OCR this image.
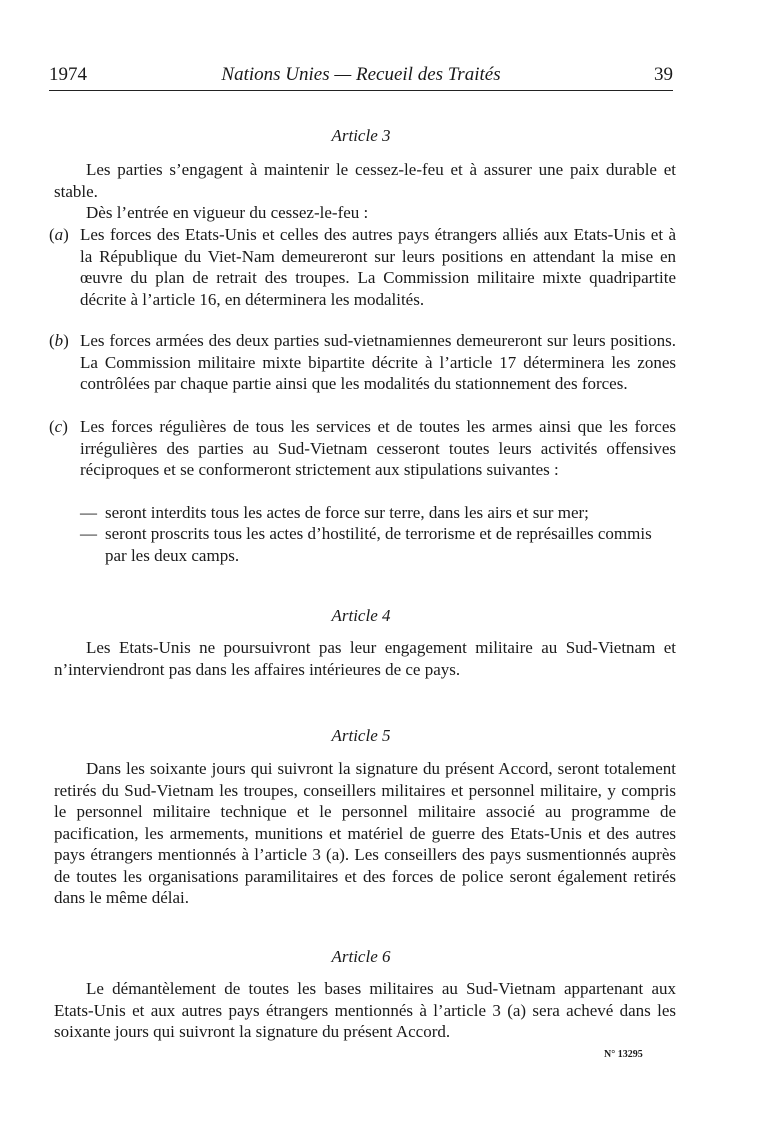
1974	Nations Unies — Recueil des Traités	39
Article 3
Les parties s’engagent à maintenir le cessez-le-feu et à assurer une paix durable et stable.
Dès l’entrée en vigueur du cessez-le-feu :
(a) Les forces des Etats-Unis et celles des autres pays étrangers alliés aux Etats-Unis et à la République du Viet-Nam demeureront sur leurs positions en attendant la mise en œuvre du plan de retrait des troupes. La Commission militaire mixte quadripartite décrite à l’article 16, en déterminera les modalités.
(b) Les forces armées des deux parties sud-vietnamiennes demeureront sur leurs positions. La Commission militaire mixte bipartite décrite à l’article 17 déterminera les zones contrôlées par chaque partie ainsi que les modalités du stationnement des forces.
(c) Les forces régulières de tous les services et de toutes les armes ainsi que les forces irrégulières des parties au Sud-Vietnam cesseront toutes leurs activités offensives réciproques et se conformeront strictement aux stipulations suivantes :
— seront interdits tous les actes de force sur terre, dans les airs et sur mer;
— seront proscrits tous les actes d’hostilité, de terrorisme et de représailles commis par les deux camps.
Article 4
Les Etats-Unis ne poursuivront pas leur engagement militaire au Sud-Vietnam et n’interviendront pas dans les affaires intérieures de ce pays.
Article 5
Dans les soixante jours qui suivront la signature du présent Accord, seront totalement retirés du Sud-Vietnam les troupes, conseillers militaires et personnel militaire, y compris le personnel militaire technique et le personnel militaire associé au programme de pacification, les armements, munitions et matériel de guerre des Etats-Unis et des autres pays étrangers mentionnés à l’article 3 (a). Les conseillers des pays susmentionnés auprès de toutes les organisations paramilitaires et des forces de police seront également retirés dans le même délai.
Article 6
Le démantèlement de toutes les bases militaires au Sud-Vietnam appartenant aux Etats-Unis et aux autres pays étrangers mentionnés à l’article 3 (a) sera achevé dans les soixante jours qui suivront la signature du présent Accord.
N° 13295
